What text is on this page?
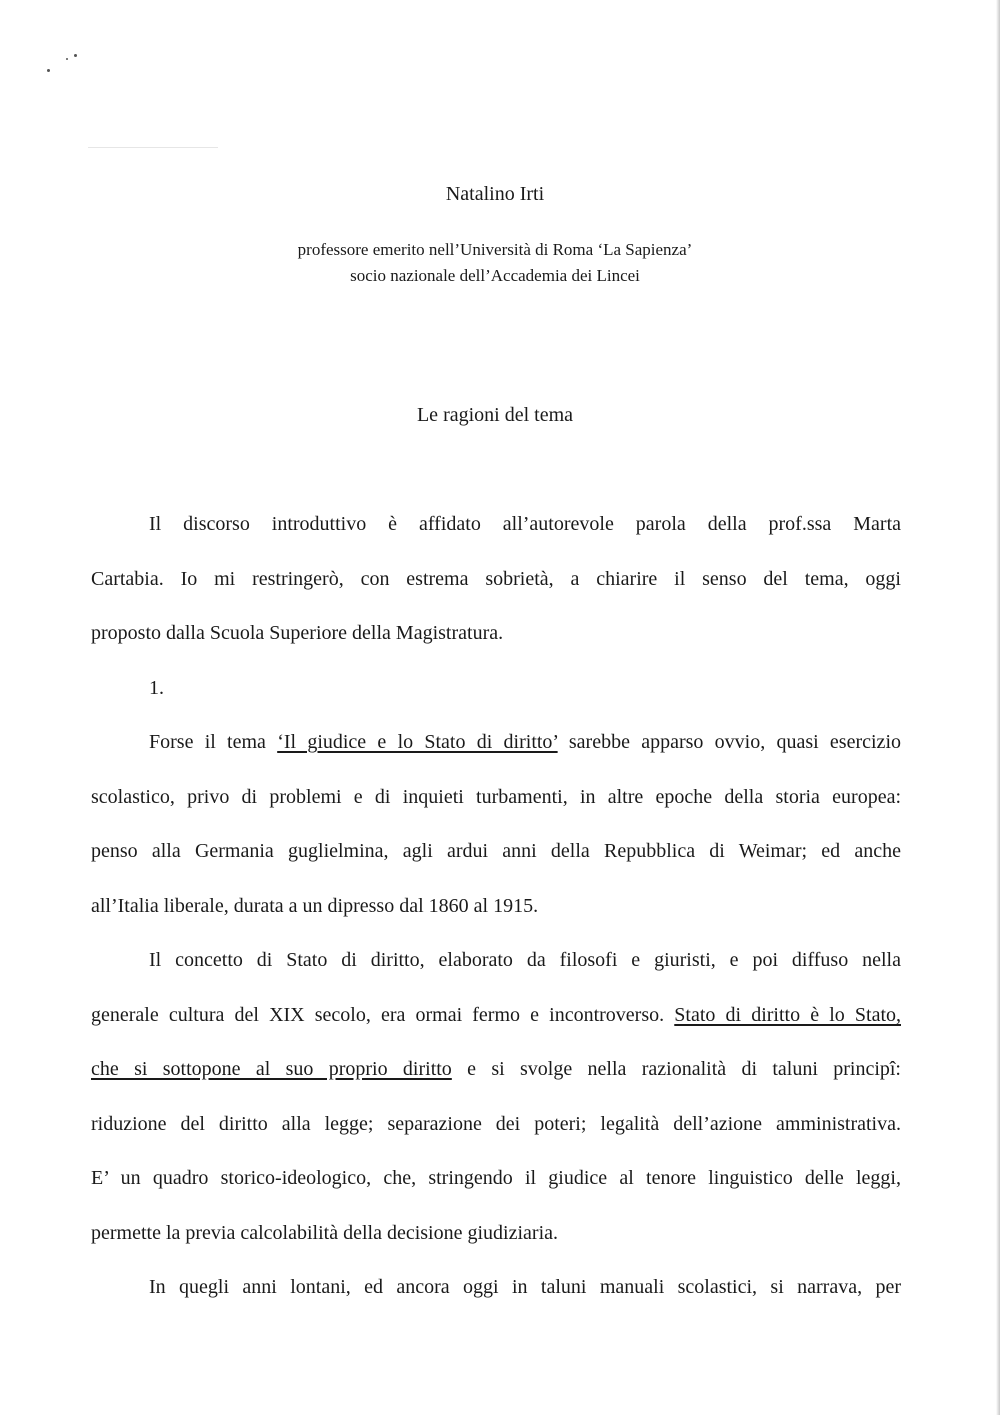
Natalino Irti
professore emerito nell’Università di Roma ‘La Sapienza’
socio nazionale dell’Accademia dei Lincei
Le ragioni del tema
Il discorso introduttivo è affidato all’autorevole parola della prof.ssa Marta
Cartabia. Io mi restringerò, con estrema sobrietà, a chiarire il senso del tema, oggi
proposto dalla Scuola Superiore della Magistratura.
1.
Forse il tema ‘Il giudice e lo Stato di diritto’ sarebbe apparso ovvio, quasi esercizio
scolastico, privo di problemi e di inquieti turbamenti, in altre epoche della storia europea:
penso alla Germania guglielmina, agli ardui anni della Repubblica di Weimar; ed anche
all’Italia liberale, durata a un dipresso dal 1860 al 1915.
Il concetto di Stato di diritto, elaborato da filosofi e giuristi, e poi diffuso nella
generale cultura del XIX secolo, era ormai fermo e incontroverso. Stato di diritto è lo Stato,
che si sottopone al suo proprio diritto e si svolge nella razionalità di taluni principî:
riduzione del diritto alla legge; separazione dei poteri; legalità dell’azione amministrativa.
E’ un quadro storico-ideologico, che, stringendo il giudice al tenore linguistico delle leggi,
permette la previa calcolabilità della decisione giudiziaria.
In quegli anni lontani, ed ancora oggi in taluni manuali scolastici, si narrava, per
